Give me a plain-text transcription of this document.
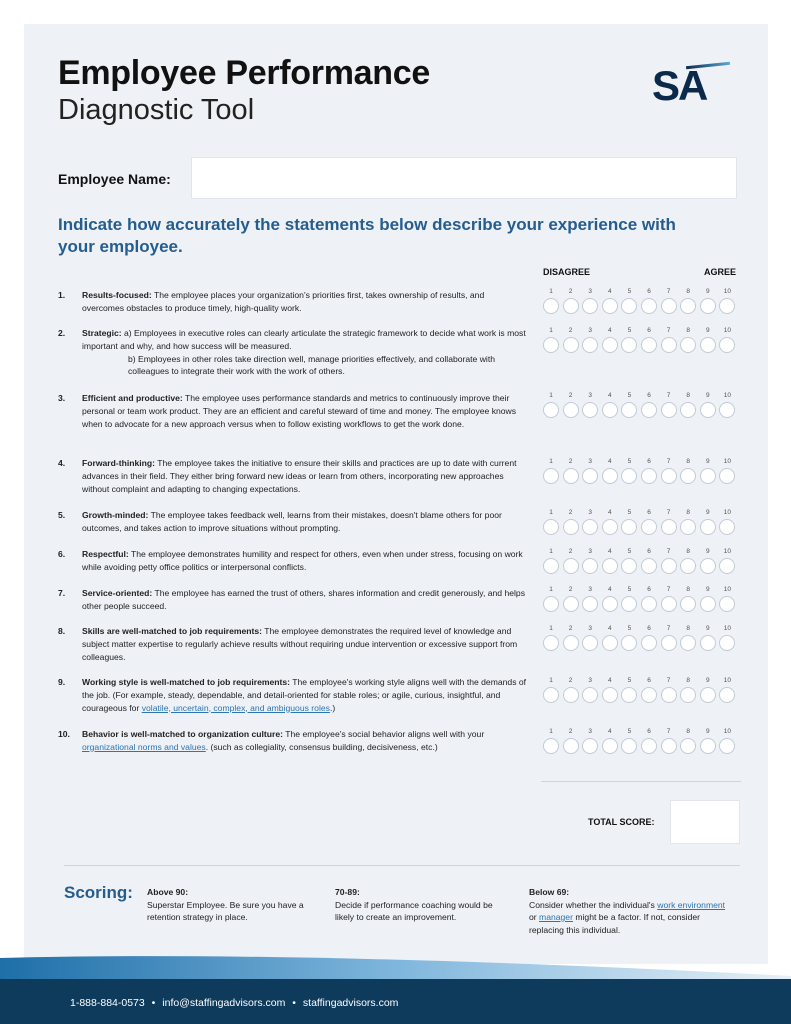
Employee Performance
Diagnostic Tool
SA
Employee Name:
Indicate how accurately the statements below describe your experience with your employee.
DISAGREE	AGREE
1. Results-focused: The employee places your organization's priorities first, takes ownership of results, and overcomes obstacles to produce timely, high-quality work.
1	2	3	4	5	6	7	8	9	10
2. Strategic: a) Employees in executive roles can clearly articulate the strategic framework to decide what work is most important and why, and how success will be measured.
b) Employees in other roles take direction well, manage priorities effectively, and collaborate with colleagues to integrate their work with the work of others.
1	2	3	4	5	6	7	8	9	10
3. Efficient and productive: The employee uses performance standards and metrics to continuously improve their personal or team work product. They are an efficient and careful steward of time and money. The employee knows when to advocate for a new approach versus when to follow existing workflows to get the work done.
1	2	3	4	5	6	7	8	9	10
4. Forward-thinking: The employee takes the initiative to ensure their skills and practices are up to date with current advances in their field. They either bring forward new ideas or learn from others, incorporating new approaches without complaint and adapting to changing expectations.
1	2	3	4	5	6	7	8	9	10
5. Growth-minded: The employee takes feedback well, learns from their mistakes, doesn't blame others for poor outcomes, and takes action to improve situations without prompting.
1	2	3	4	5	6	7	8	9	10
6. Respectful: The employee demonstrates humility and respect for others, even when under stress, focusing on work while avoiding petty office politics or interpersonal conflicts.
1	2	3	4	5	6	7	8	9	10
7. Service-oriented: The employee has earned the trust of others, shares information and credit generously, and helps other people succeed.
1	2	3	4	5	6	7	8	9	10
8. Skills are well-matched to job requirements: The employee demonstrates the required level of knowledge and subject matter expertise to regularly achieve results without requiring undue intervention or excessive support from colleagues.
1	2	3	4	5	6	7	8	9	10
9. Working style is well-matched to job requirements: The employee's working style aligns well with the demands of the job. (For example, steady, dependable, and detail-oriented for stable roles; or agile, curious, insightful, and courageous for volatile, uncertain, complex, and ambiguous roles.)
1	2	3	4	5	6	7	8	9	10
10. Behavior is well-matched to organization culture: The employee's social behavior aligns well with your organizational norms and values. (such as collegiality, consensus building, decisiveness, etc.)
1	2	3	4	5	6	7	8	9	10
TOTAL SCORE:
Scoring: Above 90:
Superstar Employee. Be sure you have a retention strategy in place.
70-89:
Decide if performance coaching would be likely to create an improvement.
Below 69:
Consider whether the individual's work environment or manager might be a factor. If not, consider replacing this individual.
1-888-884-0573 • info@staffingadvisors.com • staffingadvisors.com
